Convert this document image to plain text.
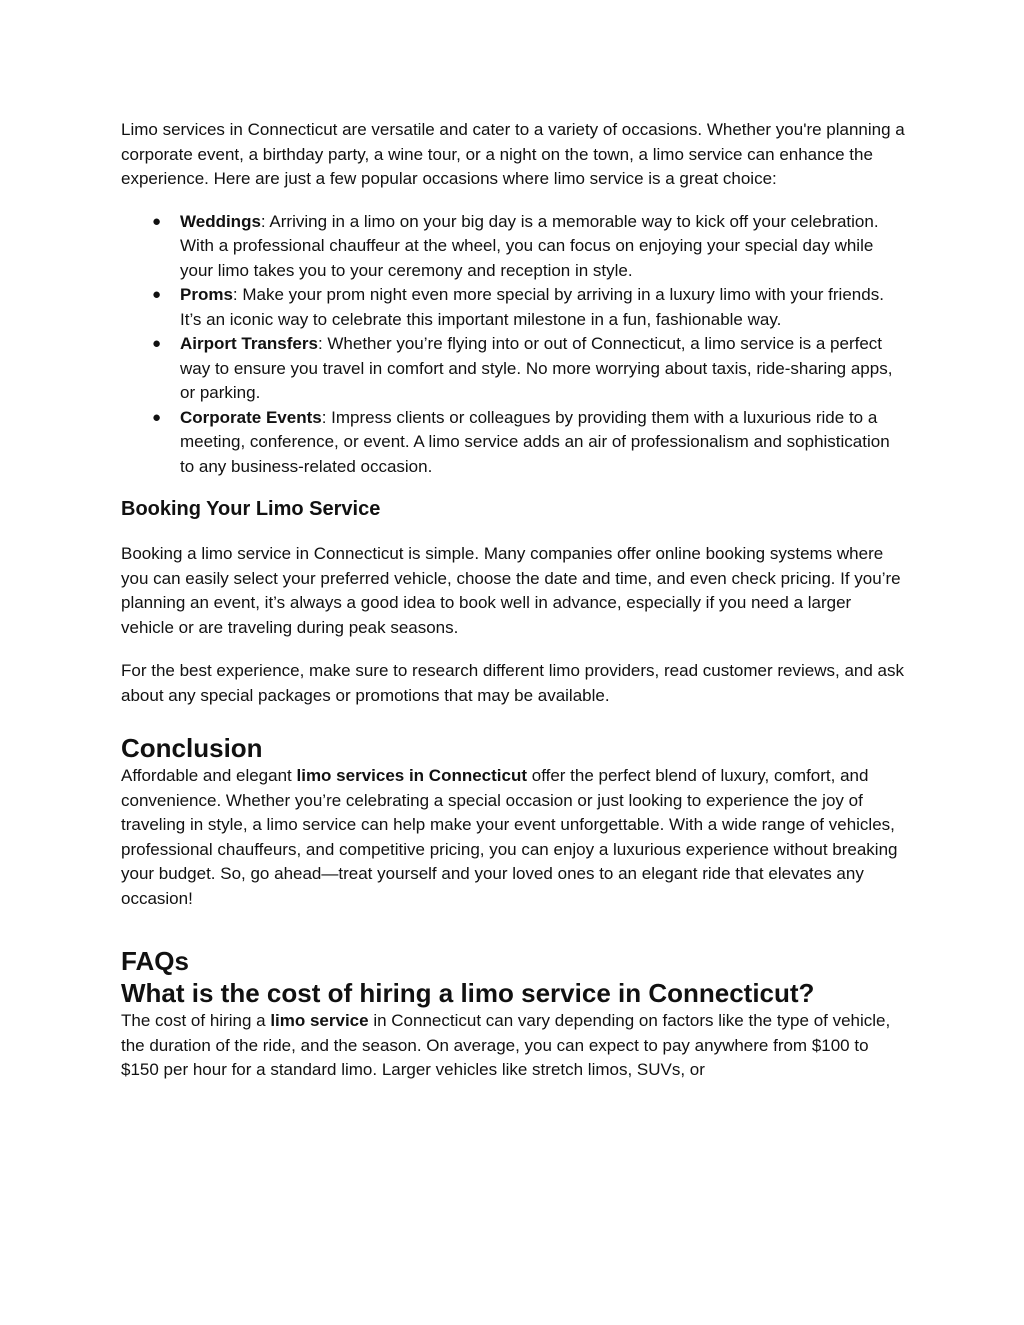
Limo services in Connecticut are versatile and cater to a variety of occasions. Whether you're planning a corporate event, a birthday party, a wine tour, or a night on the town, a limo service can enhance the experience. Here are just a few popular occasions where limo service is a great choice:

● Weddings: Arriving in a limo on your big day is a memorable way to kick off your celebration. With a professional chauffeur at the wheel, you can focus on enjoying your special day while your limo takes you to your ceremony and reception in style.
● Proms: Make your prom night even more special by arriving in a luxury limo with your friends. It’s an iconic way to celebrate this important milestone in a fun, fashionable way.
● Airport Transfers: Whether you’re flying into or out of Connecticut, a limo service is a perfect way to ensure you travel in comfort and style. No more worrying about taxis, ride-sharing apps, or parking.
● Corporate Events: Impress clients or colleagues by providing them with a luxurious ride to a meeting, conference, or event. A limo service adds an air of professionalism and sophistication to any business-related occasion.
Booking Your Limo Service

Booking a limo service in Connecticut is simple. Many companies offer online booking systems where you can easily select your preferred vehicle, choose the date and time, and even check pricing. If you’re planning an event, it’s always a good idea to book well in advance, especially if you need a larger vehicle or are traveling during peak seasons.

For the best experience, make sure to research different limo providers, read customer reviews, and ask about any special packages or promotions that may be available.

Conclusion

Affordable and elegant limo services in Connecticut offer the perfect blend of luxury, comfort, and convenience. Whether you’re celebrating a special occasion or just looking to experience the joy of traveling in style, a limo service can help make your event unforgettable. With a wide range of vehicles, professional chauffeurs, and competitive pricing, you can enjoy a luxurious experience without breaking your budget. So, go ahead—treat yourself and your loved ones to an elegant ride that elevates any occasion!

FAQs
What is the cost of hiring a limo service in Connecticut?

The cost of hiring a limo service in Connecticut can vary depending on factors like the type of vehicle, the duration of the ride, and the season. On average, you can expect to pay anywhere from $100 to $150 per hour for a standard limo. Larger vehicles like stretch limos, SUVs, or
